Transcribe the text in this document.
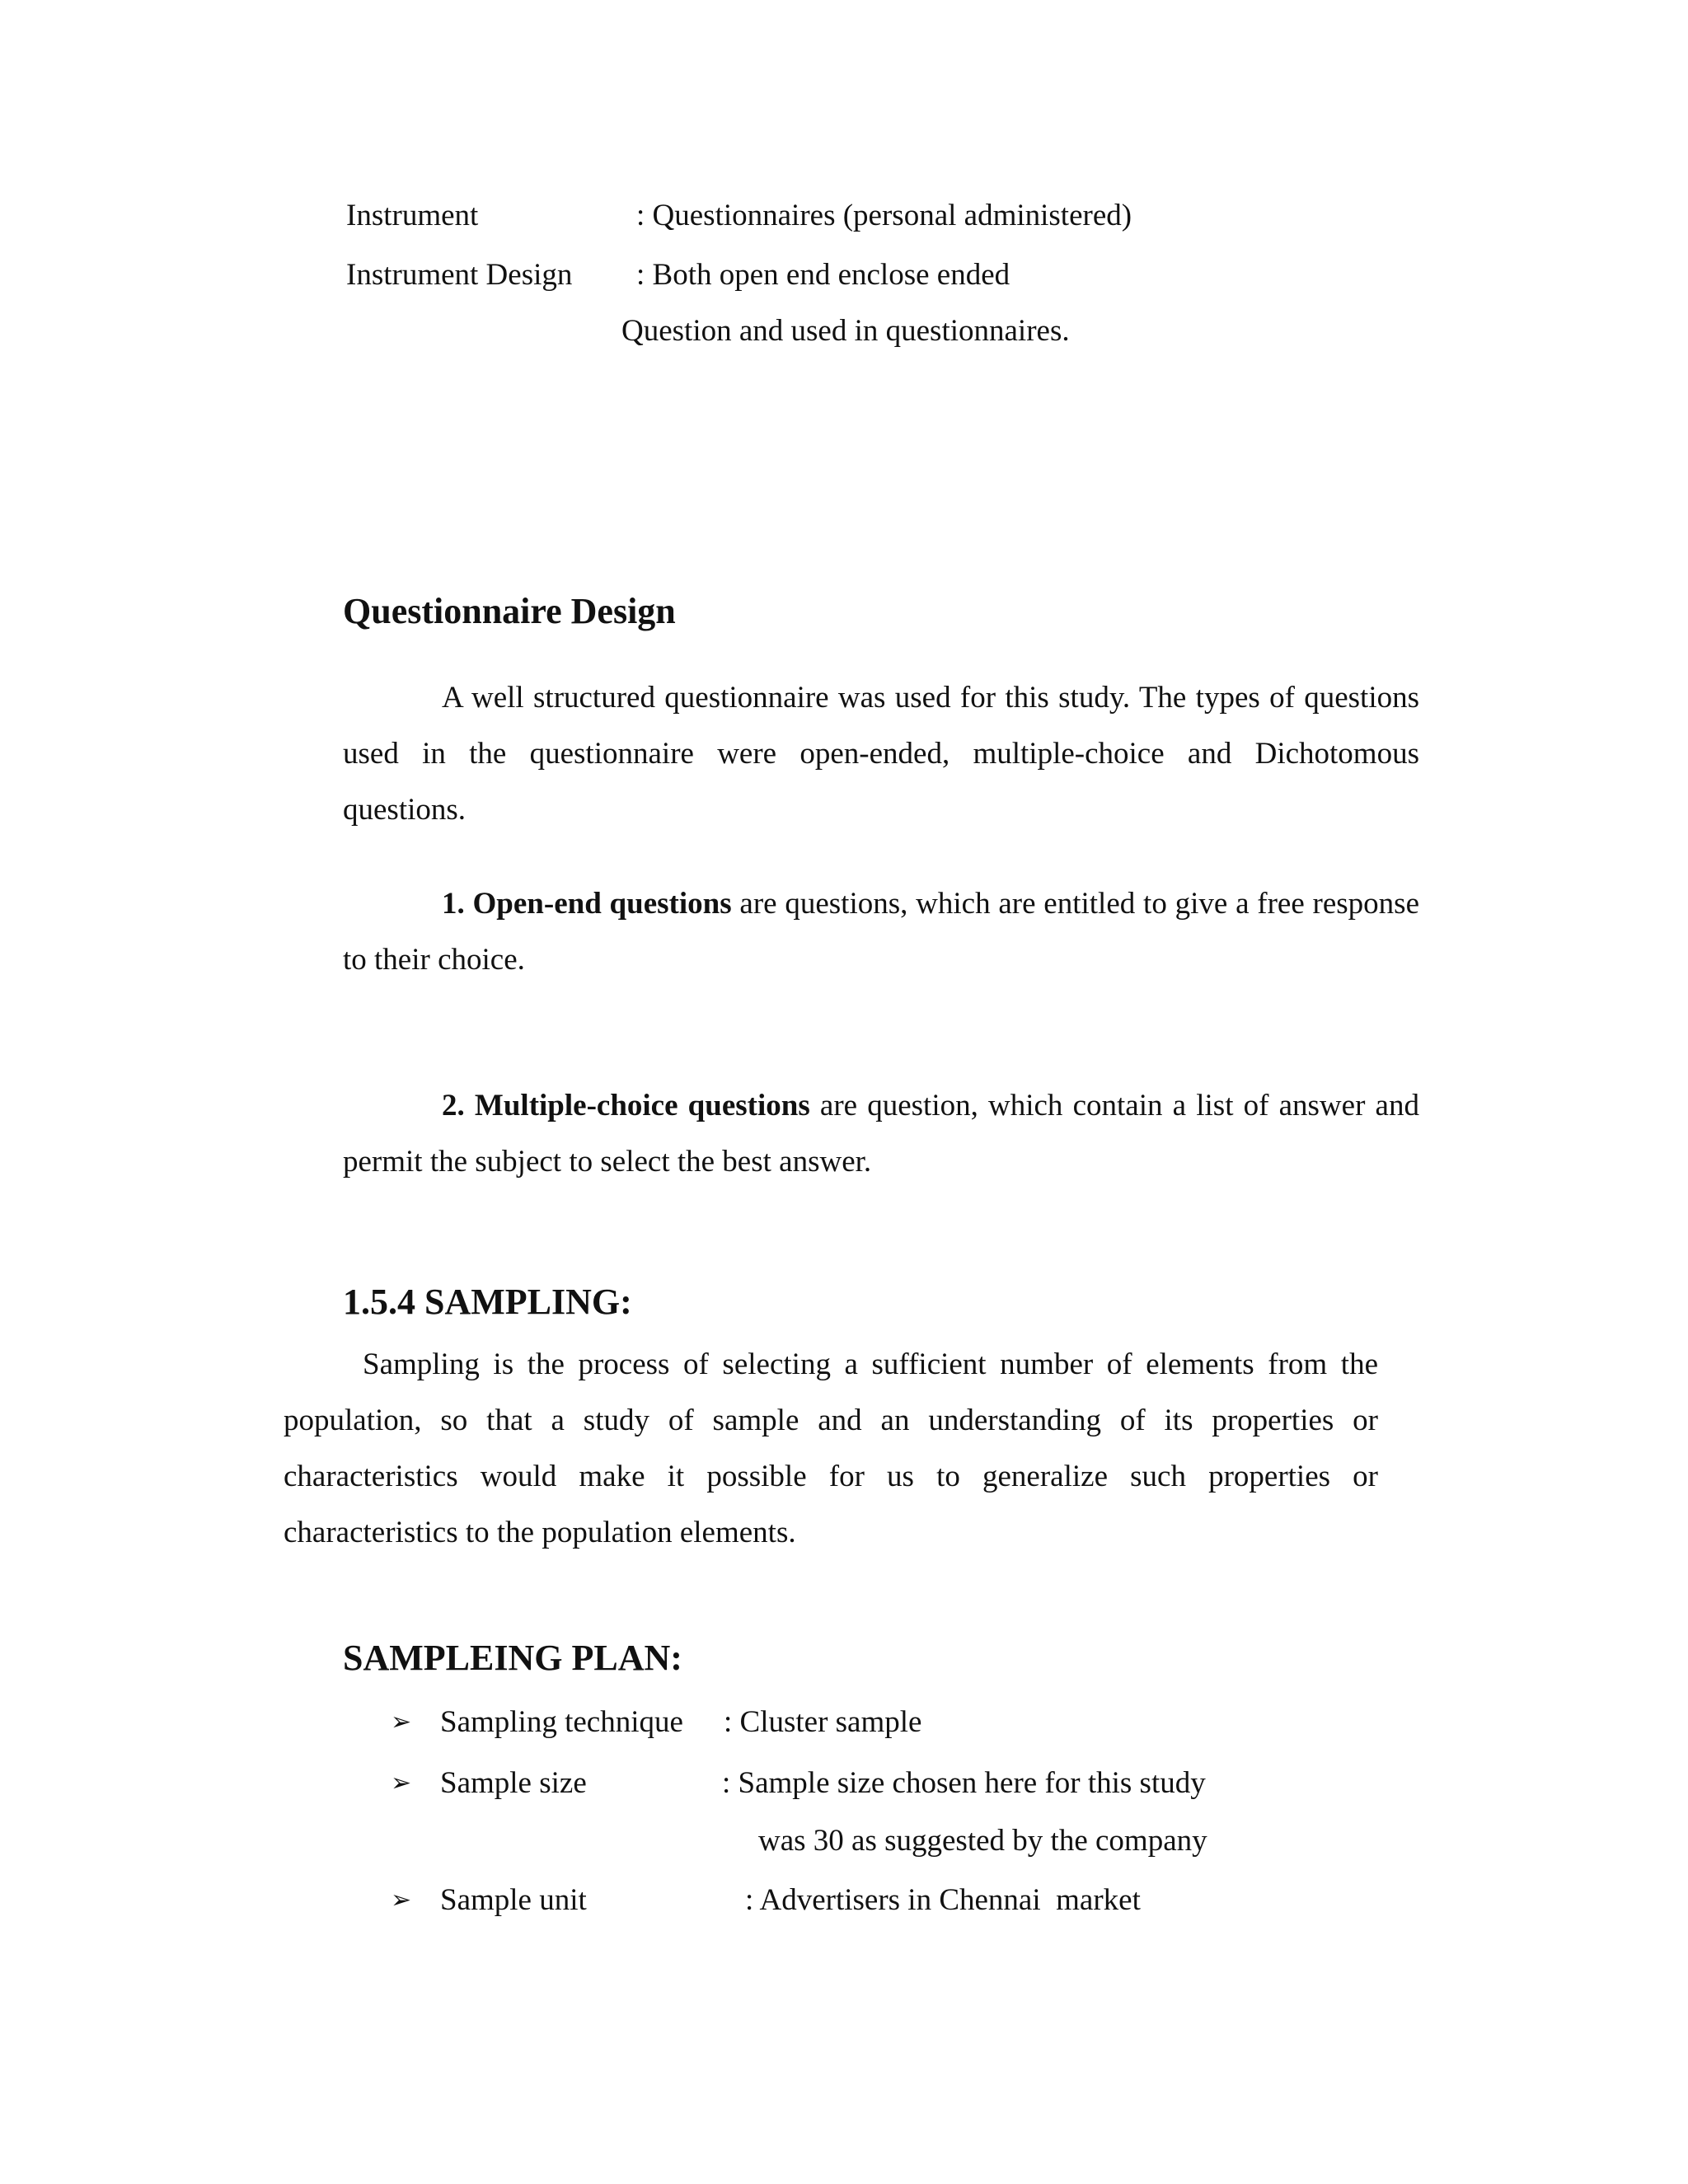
Instrument	: Questionnaires (personal administered)
Instrument Design : Both open end enclose ended
Question and used in questionnaires.
Questionnaire Design
A well structured questionnaire was used for this study. The types of questions used in the questionnaire were open-ended, multiple-choice and Dichotomous questions.
1. Open-end questions are questions, which are entitled to give a free response to their choice.
2. Multiple-choice questions are question, which contain a list of answer and permit the subject to select the best answer.
1.5.4 SAMPLING:
Sampling is the process of selecting a sufficient number of elements from the population, so that a study of sample and an understanding of its properties or characteristics would make it possible for us to generalize such properties or characteristics to the population elements.
SAMPLEING PLAN:
➢ Sampling technique : Cluster sample
➢ Sample size	: Sample size chosen here for this study
was 30 as suggested by the company
➢ Sample unit	: Advertisers in Chennai  market
